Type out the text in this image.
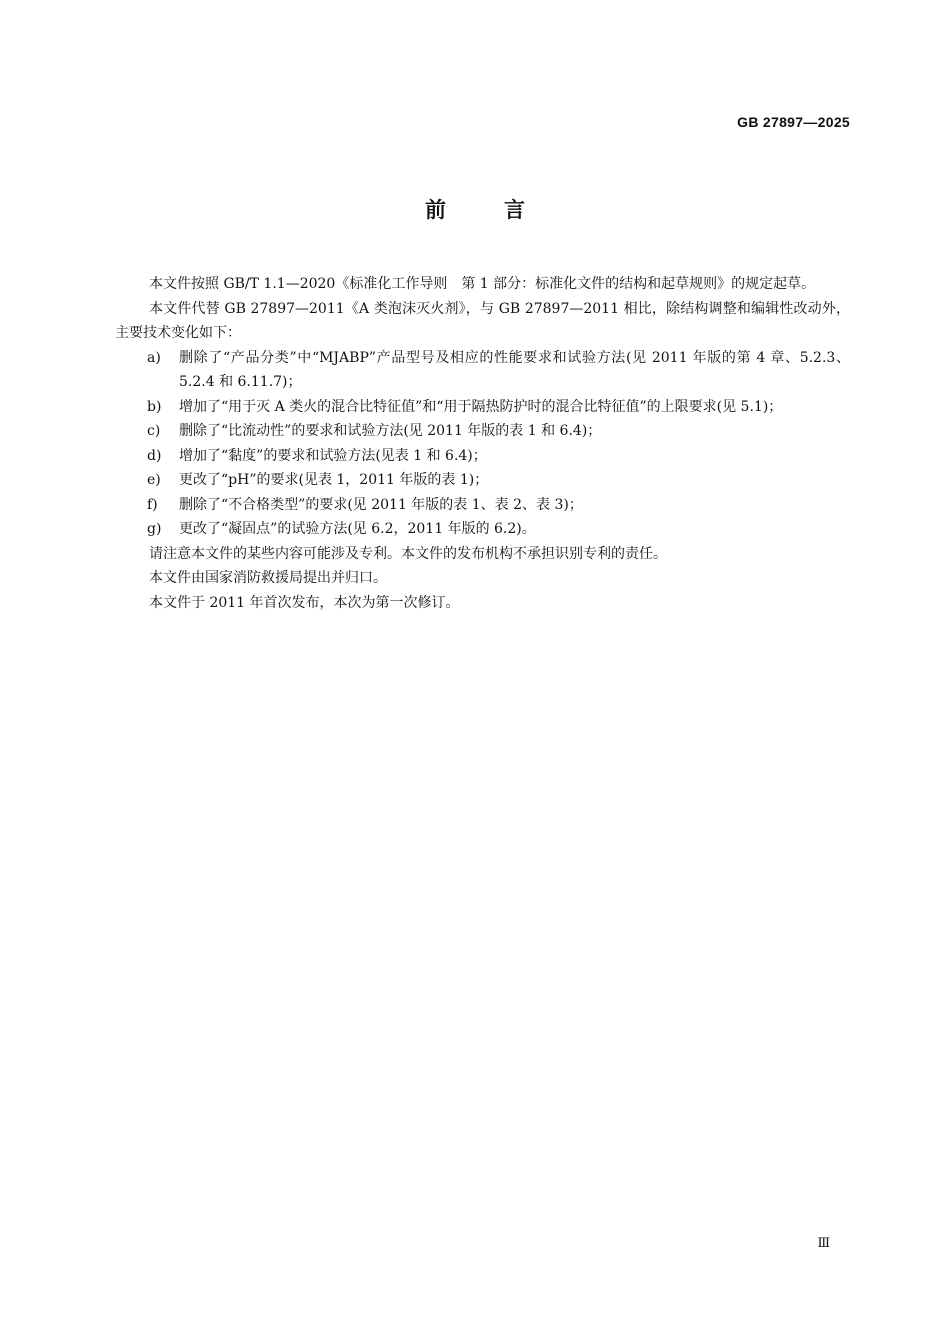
GB 27897—2025
前言

本文件按照 GB/T 1.1—2020《标准化工作导则　第 1 部分：标准化文件的结构和起草规则》的规定起草。

本文件代替 GB 27897—2011《A 类泡沫灭火剂》，与 GB 27897—2011 相比，除结构调整和编辑性改动外，主要技术变化如下：

a) 删除了“产品分类”中“MJABP”产品型号及相应的性能要求和试验方法(见 2011 年版的第 4 章、5.2.3、5.2.4 和 6.11.7)；

b) 增加了“用于灭 A 类火的混合比特征值”和“用于隔热防护时的混合比特征值”的上限要求(见 5.1)；

c) 删除了“比流动性”的要求和试验方法(见 2011 年版的表 1 和 6.4)；

d) 增加了“黏度”的要求和试验方法(见表 1 和 6.4)；

e) 更改了“pH”的要求(见表 1，2011 年版的表 1)；

f) 删除了“不合格类型”的要求(见 2011 年版的表 1、表 2、表 3)；

g) 更改了“凝固点”的试验方法(见 6.2，2011 年版的 6.2)。

请注意本文件的某些内容可能涉及专利。本文件的发布机构不承担识别专利的责任。

本文件由国家消防救援局提出并归口。

本文件于 2011 年首次发布，本次为第一次修订。

Ⅲ
